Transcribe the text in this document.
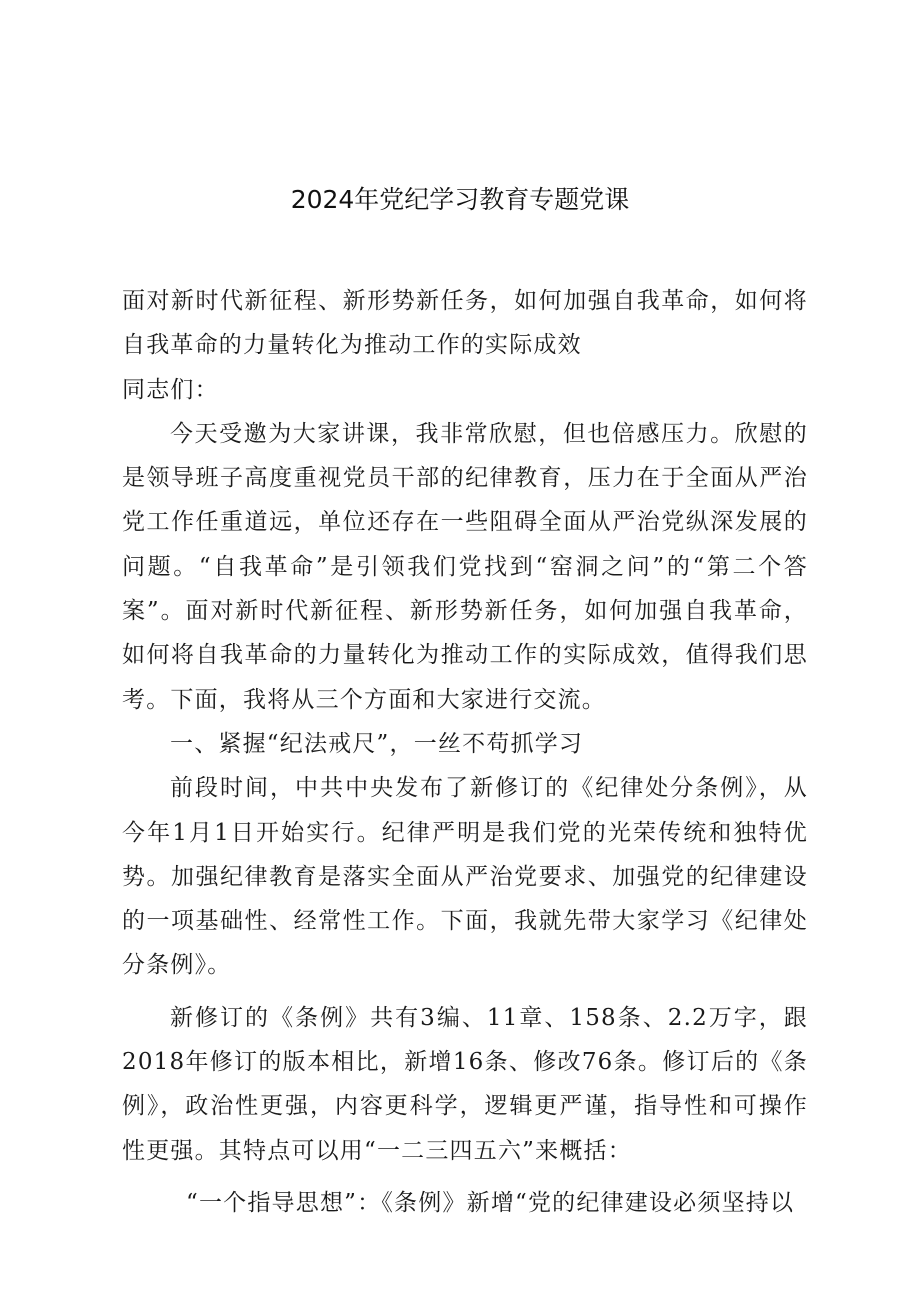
2024年党纪学习教育专题党课

面对新时代新征程、新形势新任务，如何加强自我革命，如何将自我革命的力量转化为推动工作的实际成效

同志们：

今天受邀为大家讲课，我非常欣慰，但也倍感压力。欣慰的是领导班子高度重视党员干部的纪律教育，压力在于全面从严治党工作任重道远，单位还存在一些阻碍全面从严治党纵深发展的问题。“自我革命”是引领我们党找到“窑洞之问”的“第二个答案”。面对新时代新征程、新形势新任务，如何加强自我革命，如何将自我革命的力量转化为推动工作的实际成效，值得我们思考。下面，我将从三个方面和大家进行交流。

一、紧握“纪法戒尺”，一丝不苟抓学习

前段时间，中共中央发布了新修订的《纪律处分条例》，从今年1月1日开始实行。纪律严明是我们党的光荣传统和独特优势。加强纪律教育是落实全面从严治党要求、加强党的纪律建设的一项基础性、经常性工作。下面，我就先带大家学习《纪律处分条例》。

新修订的《条例》共有3编、11章、158条、2.2万字，跟2018年修订的版本相比，新增16条、修改76条。修订后的《条例》，政治性更强，内容更科学，逻辑更严谨，指导性和可操作性更强。其特点可以用“一二三四五六”来概括：

“一个指导思想”：《条例》新增“党的纪律建设必须坚持以
